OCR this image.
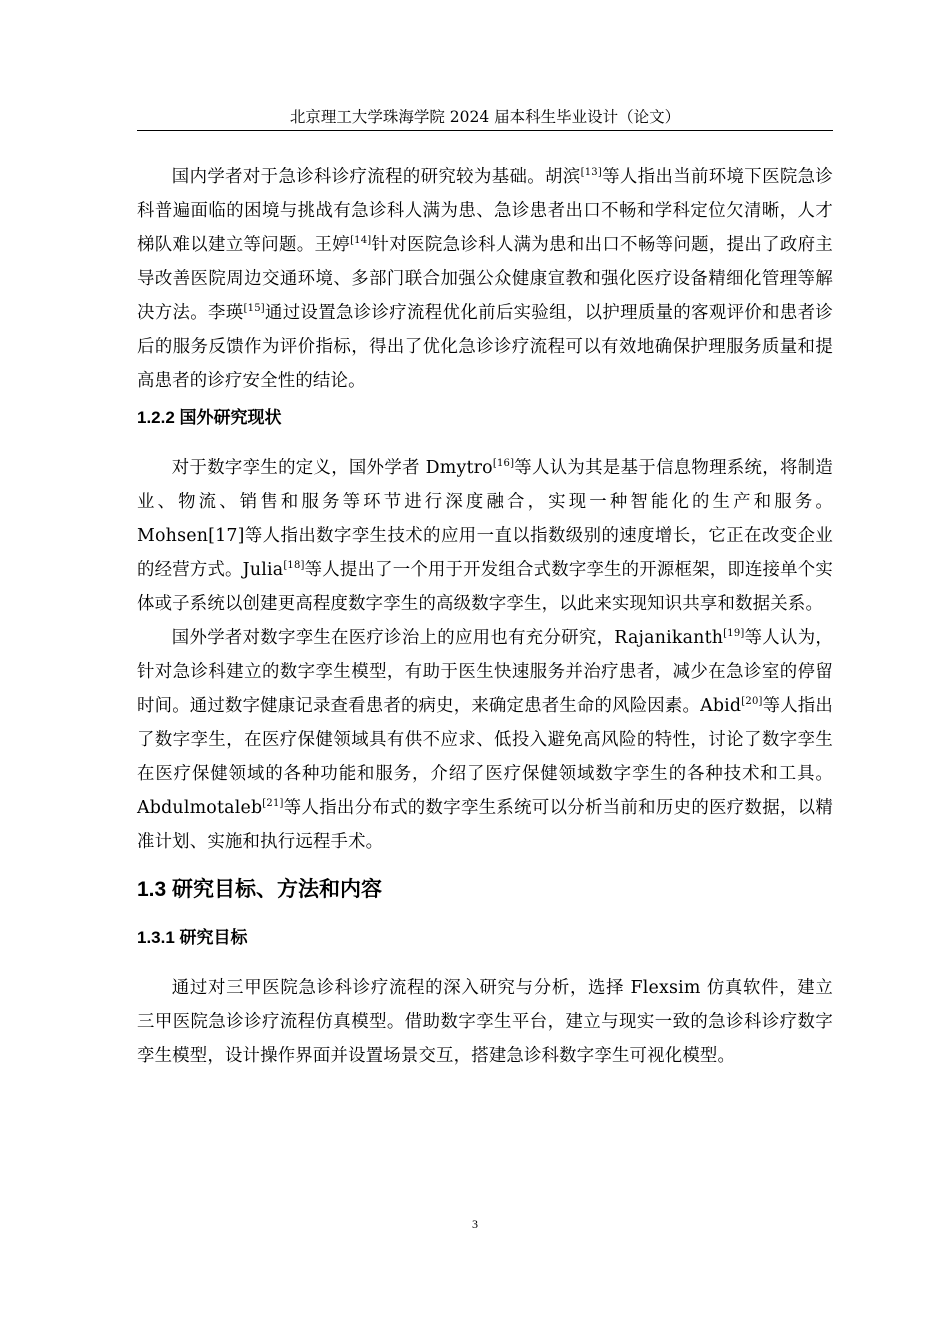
北京理工大学珠海学院 2024 届本科生毕业设计（论文）

国内学者对于急诊科诊疗流程的研究较为基础。胡滨[13]等人指出当前环境下医院急诊科普遍面临的困境与挑战有急诊科人满为患、急诊患者出口不畅和学科定位欠清晰，人才梯队难以建立等问题。王婷[14]针对医院急诊科人满为患和出口不畅等问题，提出了政府主导改善医院周边交通环境、多部门联合加强公众健康宣教和强化医疗设备精细化管理等解决方法。李瑛[15]通过设置急诊诊疗流程优化前后实验组，以护理质量的客观评价和患者诊后的服务反馈作为评价指标，得出了优化急诊诊疗流程可以有效地确保护理服务质量和提高患者的诊疗安全性的结论。

1.2.2 国外研究现状

对于数字孪生的定义，国外学者 Dmytro[16]等人认为其是基于信息物理系统，将制造业、物流、销售和服务等环节进行深度融合，实现一种智能化的生产和服务。Mohsen[17]等人指出数字孪生技术的应用一直以指数级别的速度增长，它正在改变企业的经营方式。Julia[18]等人提出了一个用于开发组合式数字孪生的开源框架，即连接单个实体或子系统以创建更高程度数字孪生的高级数字孪生，以此来实现知识共享和数据关系。

国外学者对数字孪生在医疗诊治上的应用也有充分研究，Rajanikanth[19]等人认为，针对急诊科建立的数字孪生模型，有助于医生快速服务并治疗患者，减少在急诊室的停留时间。通过数字健康记录查看患者的病史，来确定患者生命的风险因素。Abid[20]等人指出了数字孪生，在医疗保健领域具有供不应求、低投入避免高风险的特性，讨论了数字孪生在医疗保健领域的各种功能和服务，介绍了医疗保健领域数字孪生的各种技术和工具。Abdulmotaleb[21]等人指出分布式的数字孪生系统可以分析当前和历史的医疗数据，以精准计划、实施和执行远程手术。

1.3 研究目标、方法和内容
1.3.1 研究目标

通过对三甲医院急诊科诊疗流程的深入研究与分析，选择 Flexsim 仿真软件，建立三甲医院急诊诊疗流程仿真模型。借助数字孪生平台，建立与现实一致的急诊科诊疗数字孪生模型，设计操作界面并设置场景交互，搭建急诊科数字孪生可视化模型。

3
